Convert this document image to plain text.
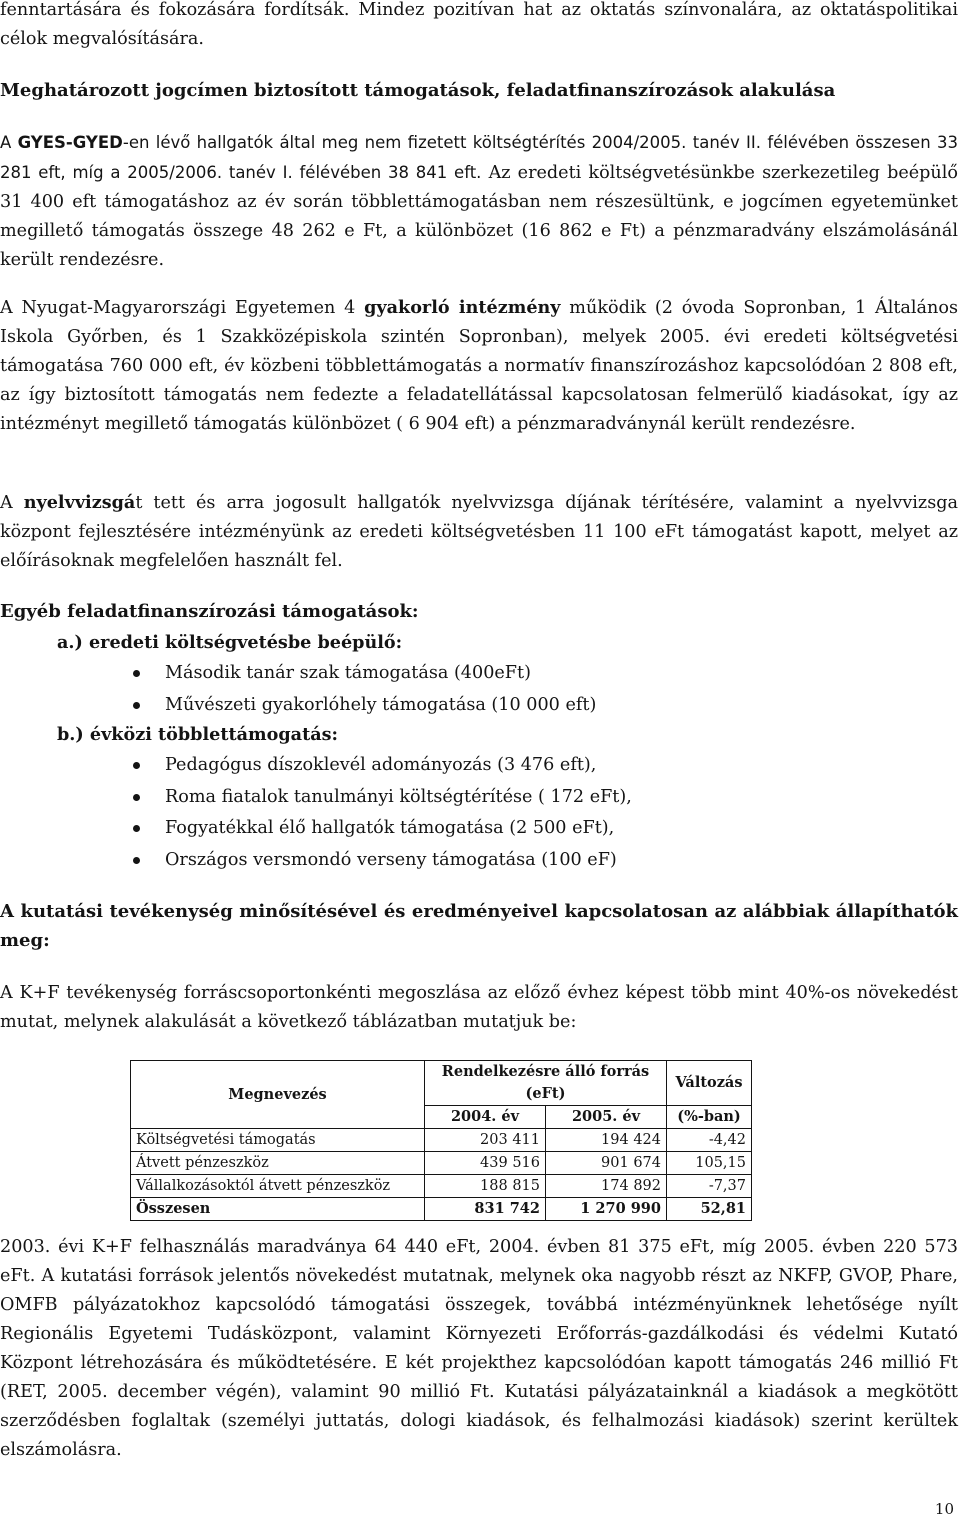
fenntartására és fokozására fordítsák. Mindez pozitívan hat az oktatás színvonalára, az oktatáspolitikai célok megvalósítására.

Meghatározott jogcímen biztosított támogatások, feladatfinanszírozások alakulása

A GYES-GYED-en lévő hallgatók által meg nem fizetett költségtérítés 2004/2005. tanév II. félévében összesen 33 281 eft, míg a 2005/2006. tanév I. félévében 38 841 eft. Az eredeti költségvetésünkbe szerkezetileg beépülő 31 400 eft támogatáshoz az év során többlettámogatásban nem részesültünk, e jogcímen egyetemünket megillető támogatás összege 48 262 e Ft, a különbözet (16 862 e Ft) a pénzmaradvány elszámolásánál került rendezésre.

A Nyugat-Magyarországi Egyetemen 4 gyakorló intézmény működik (2 óvoda Sopronban, 1 Általános Iskola Győrben, és 1 Szakközépiskola szintén Sopronban), melyek 2005. évi eredeti költségvetési támogatása 760 000 eft, év közbeni többlettámogatás a normatív finanszírozáshoz kapcsolódóan 2 808 eft, az így biztosított támogatás nem fedezte a feladatellátással kapcsolatosan felmerülő kiadásokat, így az intézményt megillető támogatás különbözet ( 6 904 eft) a pénzmaradványnál került rendezésre.

A nyelvvizsgát tett és arra jogosult hallgatók nyelvvizsga díjának térítésére, valamint a nyelvvizsga központ fejlesztésére intézményünk az eredeti költségvetésben 11 100 eFt támogatást kapott, melyet az előírásoknak megfelelően használt fel.

Egyéb feladatfinanszírozási támogatások:

a.) eredeti költségvetésbe beépülő:
Második tanár szak támogatása (400eFt)
Művészeti gyakorlóhely támogatása (10 000 eft)
b.) évközi többlettámogatás:
Pedagógus díszoklevél adományozás (3 476 eft),
Roma fiatalok tanulmányi költségtérítése ( 172 eFt),
Fogyatékkal élő hallgatók támogatása (2 500 eFt),
Országos versmondó verseny támogatása (100 eF)

A kutatási tevékenység minősítésével és eredményeivel kapcsolatosan az alábbiak állapíthatók meg:

A K+F tevékenység forráscsoportonkénti megoszlása az előző évhez képest több mint 40%-os növekedést mutat, melynek alakulását a következő táblázatban mutatjuk be:

Megnevezés	Rendelkezésre álló forrás (eFt)		Változás
	2004. év	2005. év	(%-ban)
Költségvetési támogatás	203 411	194 424	-4,42
Átvett pénzeszköz	439 516	901 674	105,15
Vállalkozásoktól átvett pénzeszköz	188 815	174 892	-7,37
Összesen	831 742	1 270 990	52,81

2003. évi K+F felhasználás maradványa 64 440 eFt, 2004. évben 81 375 eFt, míg 2005. évben 220 573 eFt. A kutatási források jelentős növekedést mutatnak, melynek oka nagyobb részt az NKFP, GVOP, Phare, OMFB pályázatokhoz kapcsolódó támogatási összegek, továbbá intézményünknek lehetősége nyílt Regionális Egyetemi Tudásközpont, valamint Környezeti Erőforrás-gazdálkodási és védelmi Kutató Központ létrehozására és működtetésére. E két projekthez kapcsolódóan kapott támogatás 246 millió Ft (RET, 2005. december végén), valamint 90 millió Ft. Kutatási pályázatainknál a kiadások a megkötött szerződésben foglaltak (személyi juttatás, dologi kiadások, és felhalmozási kiadások) szerint kerültek elszámolásra.

10
